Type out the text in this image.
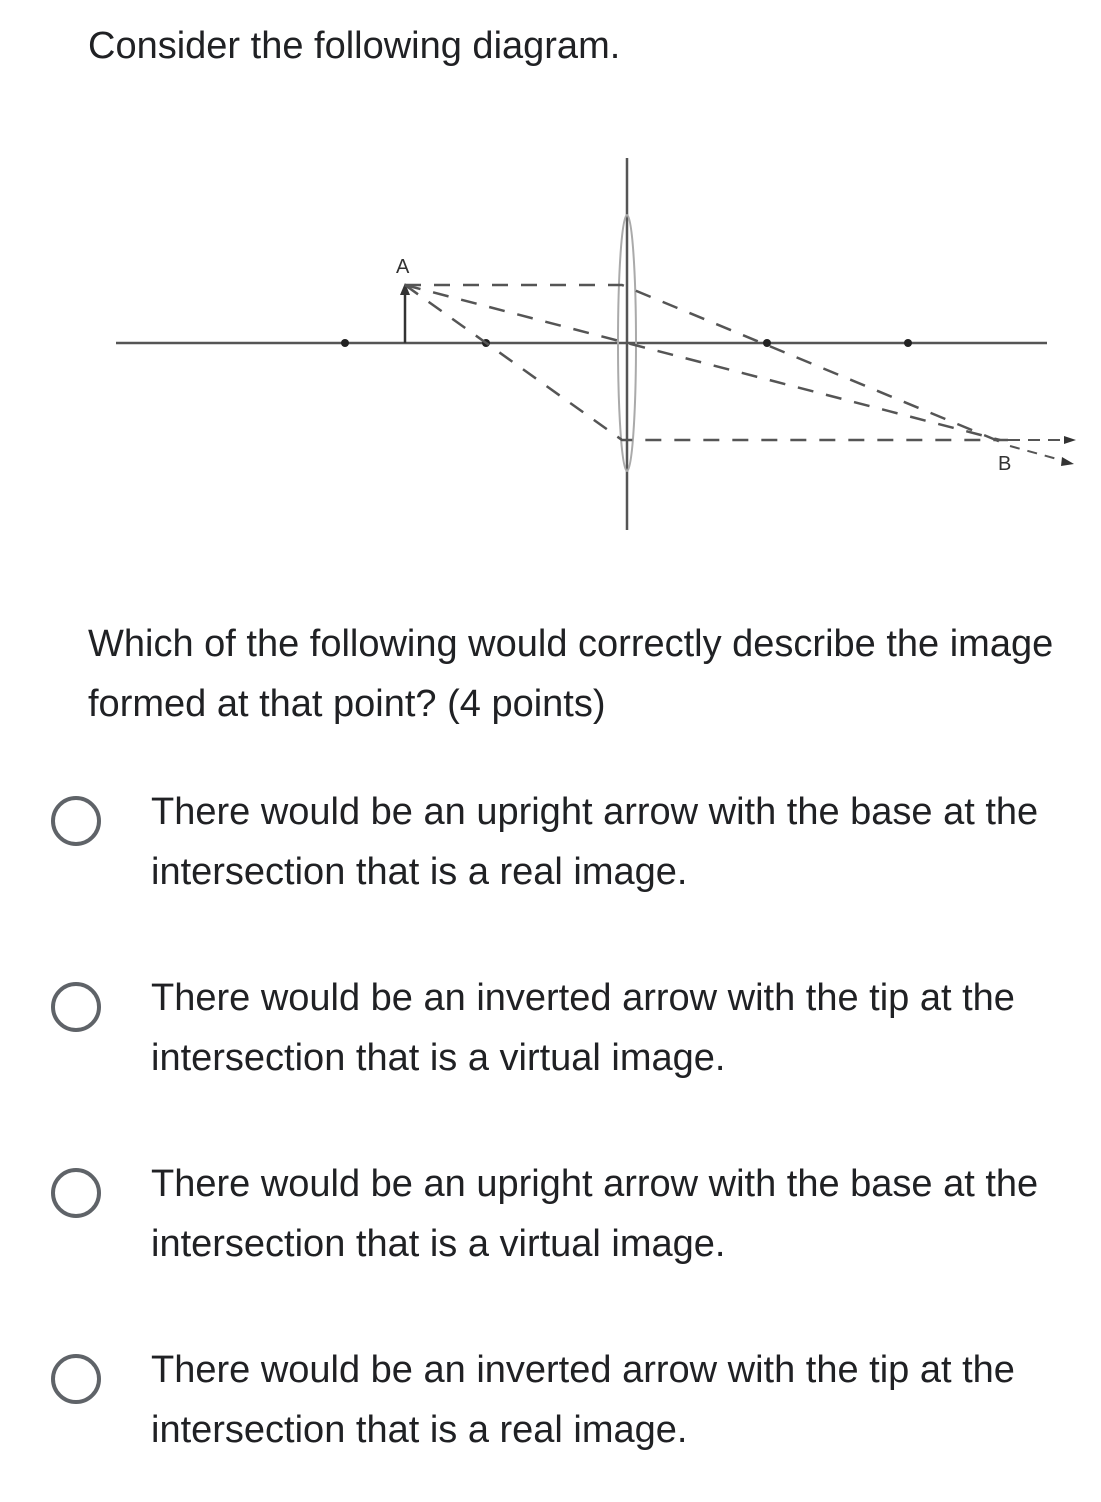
Consider the following diagram.
A
B

Which of the following would correctly describe the image formed at that point? (4 points)

There would be an upright arrow with the base at the intersection that is a real image.
There would be an inverted arrow with the tip at the intersection that is a virtual image.
There would be an upright arrow with the base at the intersection that is a virtual image.
There would be an inverted arrow with the tip at the intersection that is a real image.
